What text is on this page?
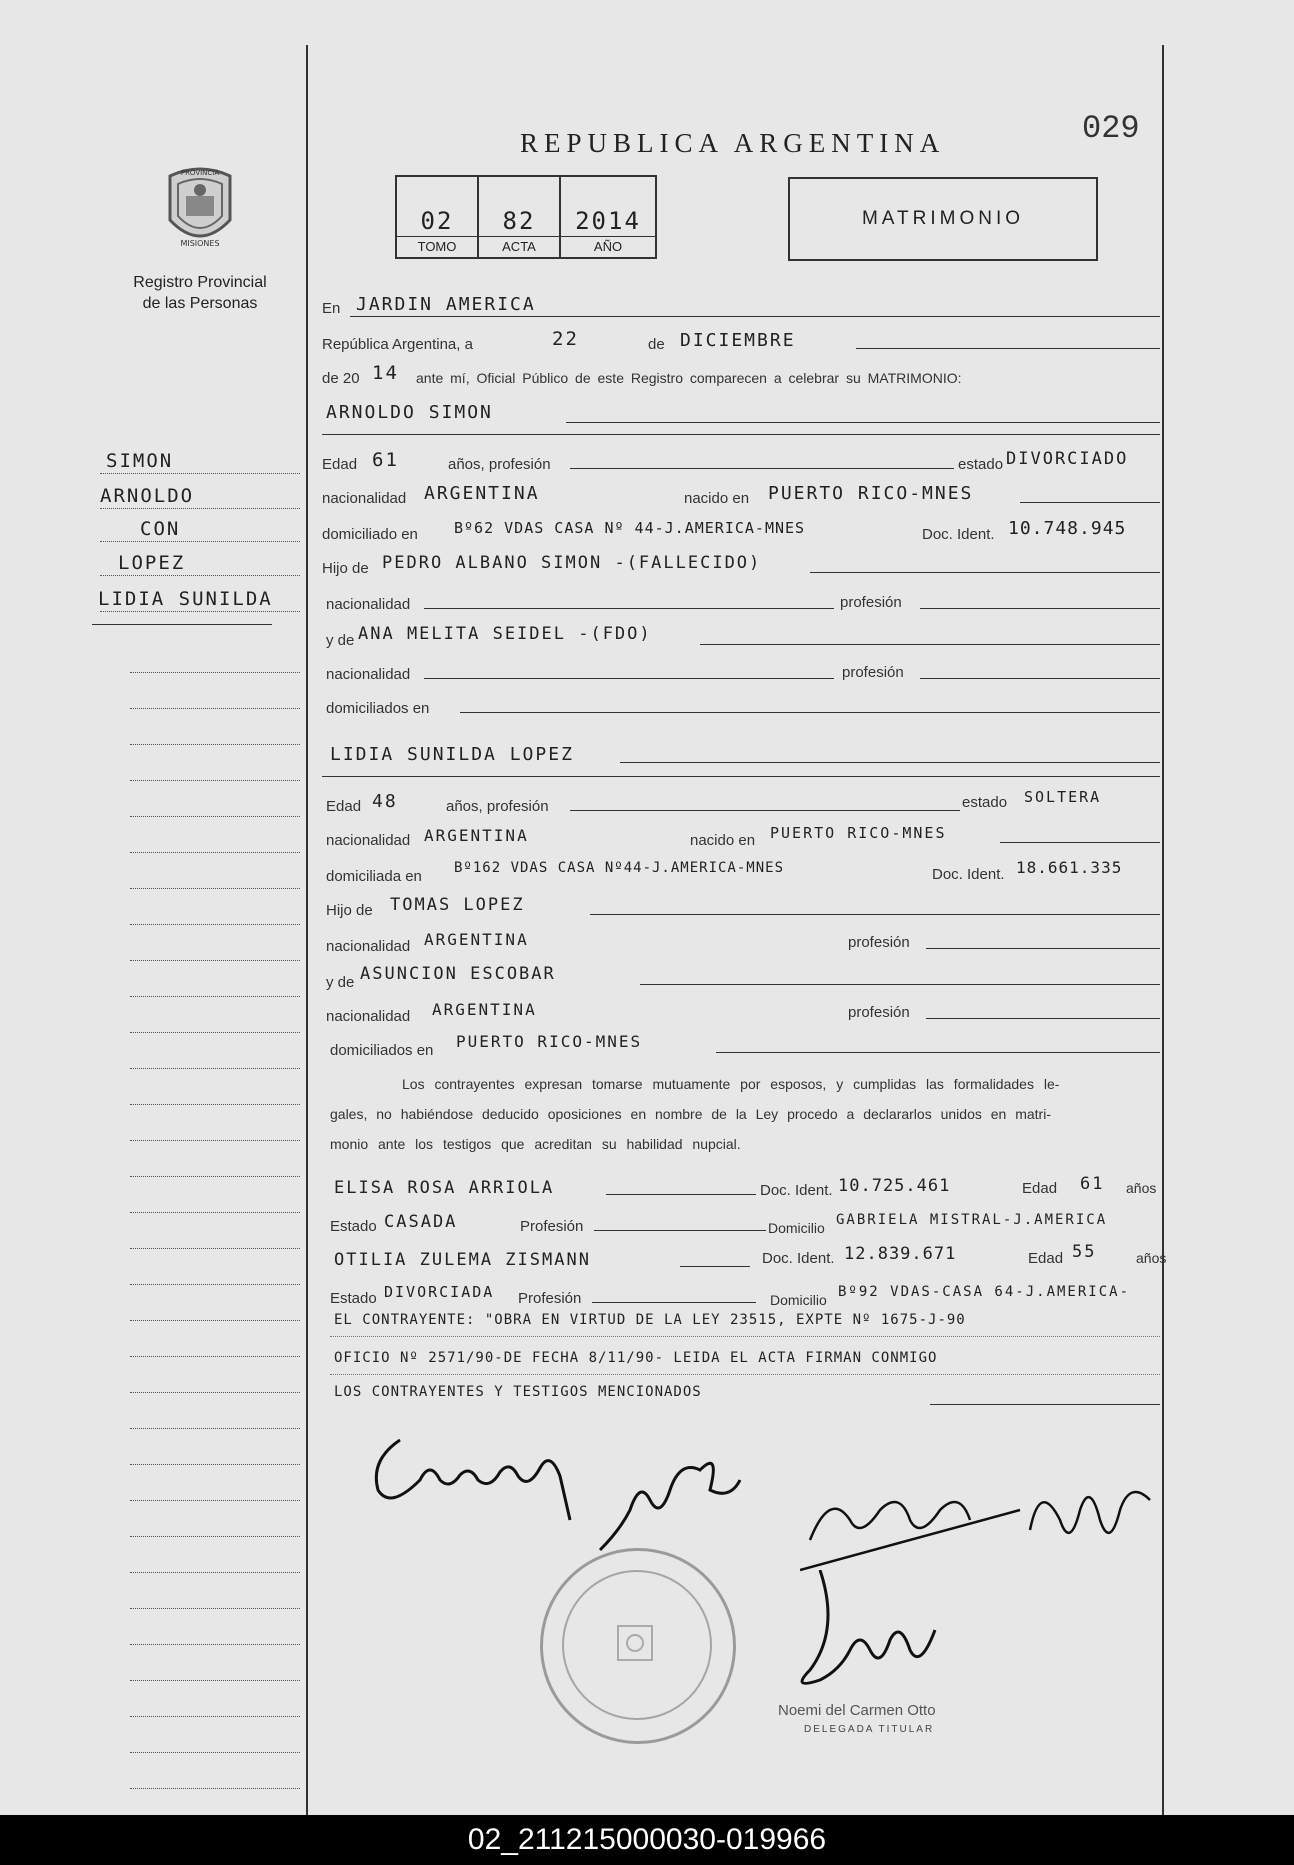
REPUBLICA ARGENTINA	029
02
TOMO
82
ACTA
2014
AÑO
MATRIMONIO
PROVINCIA
MISIONES
Registro Provincial
de las Personas
SIMON
ARNOLDO
CON
LOPEZ
LIDIA SUNILDA
En JARDIN AMERICA
República Argentina, a	22	de DICIEMBRE
de 20 14 ante mí, Oficial Público de este Registro comparecen a celebrar su MATRIMONIO:
ARNOLDO SIMON
Edad 61	años, profesión	estado DIVORCIADO
nacionalidad ARGENTINA	nacido en PUERTO RICO-MNES
domiciliado en Bº62 VDAS CASA Nº 44-J.AMERICA-MNES	Doc. Ident. 10.748.945
Hijo de PEDRO ALBANO SIMON -(FALLECIDO)
nacionalidad	profesión
y de ANA MELITA SEIDEL -(FDO)
nacionalidad	profesión
domiciliados en
LIDIA SUNILDA LOPEZ
Edad 48	años, profesión	estado SOLTERA
nacionalidad ARGENTINA	nacido en PUERTO RICO-MNES
domiciliada en Bº162 VDAS CASA Nº44-J.AMERICA-MNES	Doc. Ident. 18.661.335
Hijo de TOMAS LOPEZ
nacionalidad ARGENTINA	profesión
y de ASUNCION ESCOBAR
nacionalidad ARGENTINA	profesión
domiciliados en PUERTO RICO-MNES
Los contrayentes expresan tomarse mutuamente por esposos, y cumplidas las formalidades le-
gales, no habiéndose deducido oposiciones en nombre de la Ley procedo a declararlos unidos en matri-
monio ante los testigos que acreditan su habilidad nupcial.
ELISA ROSA ARRIOLA	Doc. Ident. 10.725.461	Edad 61 años
Estado CASADA	Profesión	Domicilio GABRIELA MISTRAL-J.AMERICA
OTILIA ZULEMA ZISMANN	Doc. Ident. 12.839.671	Edad 55	años
Estado DIVORCIADA Profesión	Domicilio Bº92 VDAS-CASA 64-J.AMERICA-
EL CONTRAYENTE: "OBRA EN VIRTUD DE LA LEY 23515, EXPTE Nº 1675-J-90
OFICIO Nº 2571/90-DE FECHA 8/11/90- LEIDA EL ACTA FIRMAN CONMIGO
LOS CONTRAYENTES Y TESTIGOS MENCIONADOS
Noemi del Carmen Otto
DELEGADA TITULAR
02_211215000030-019966
